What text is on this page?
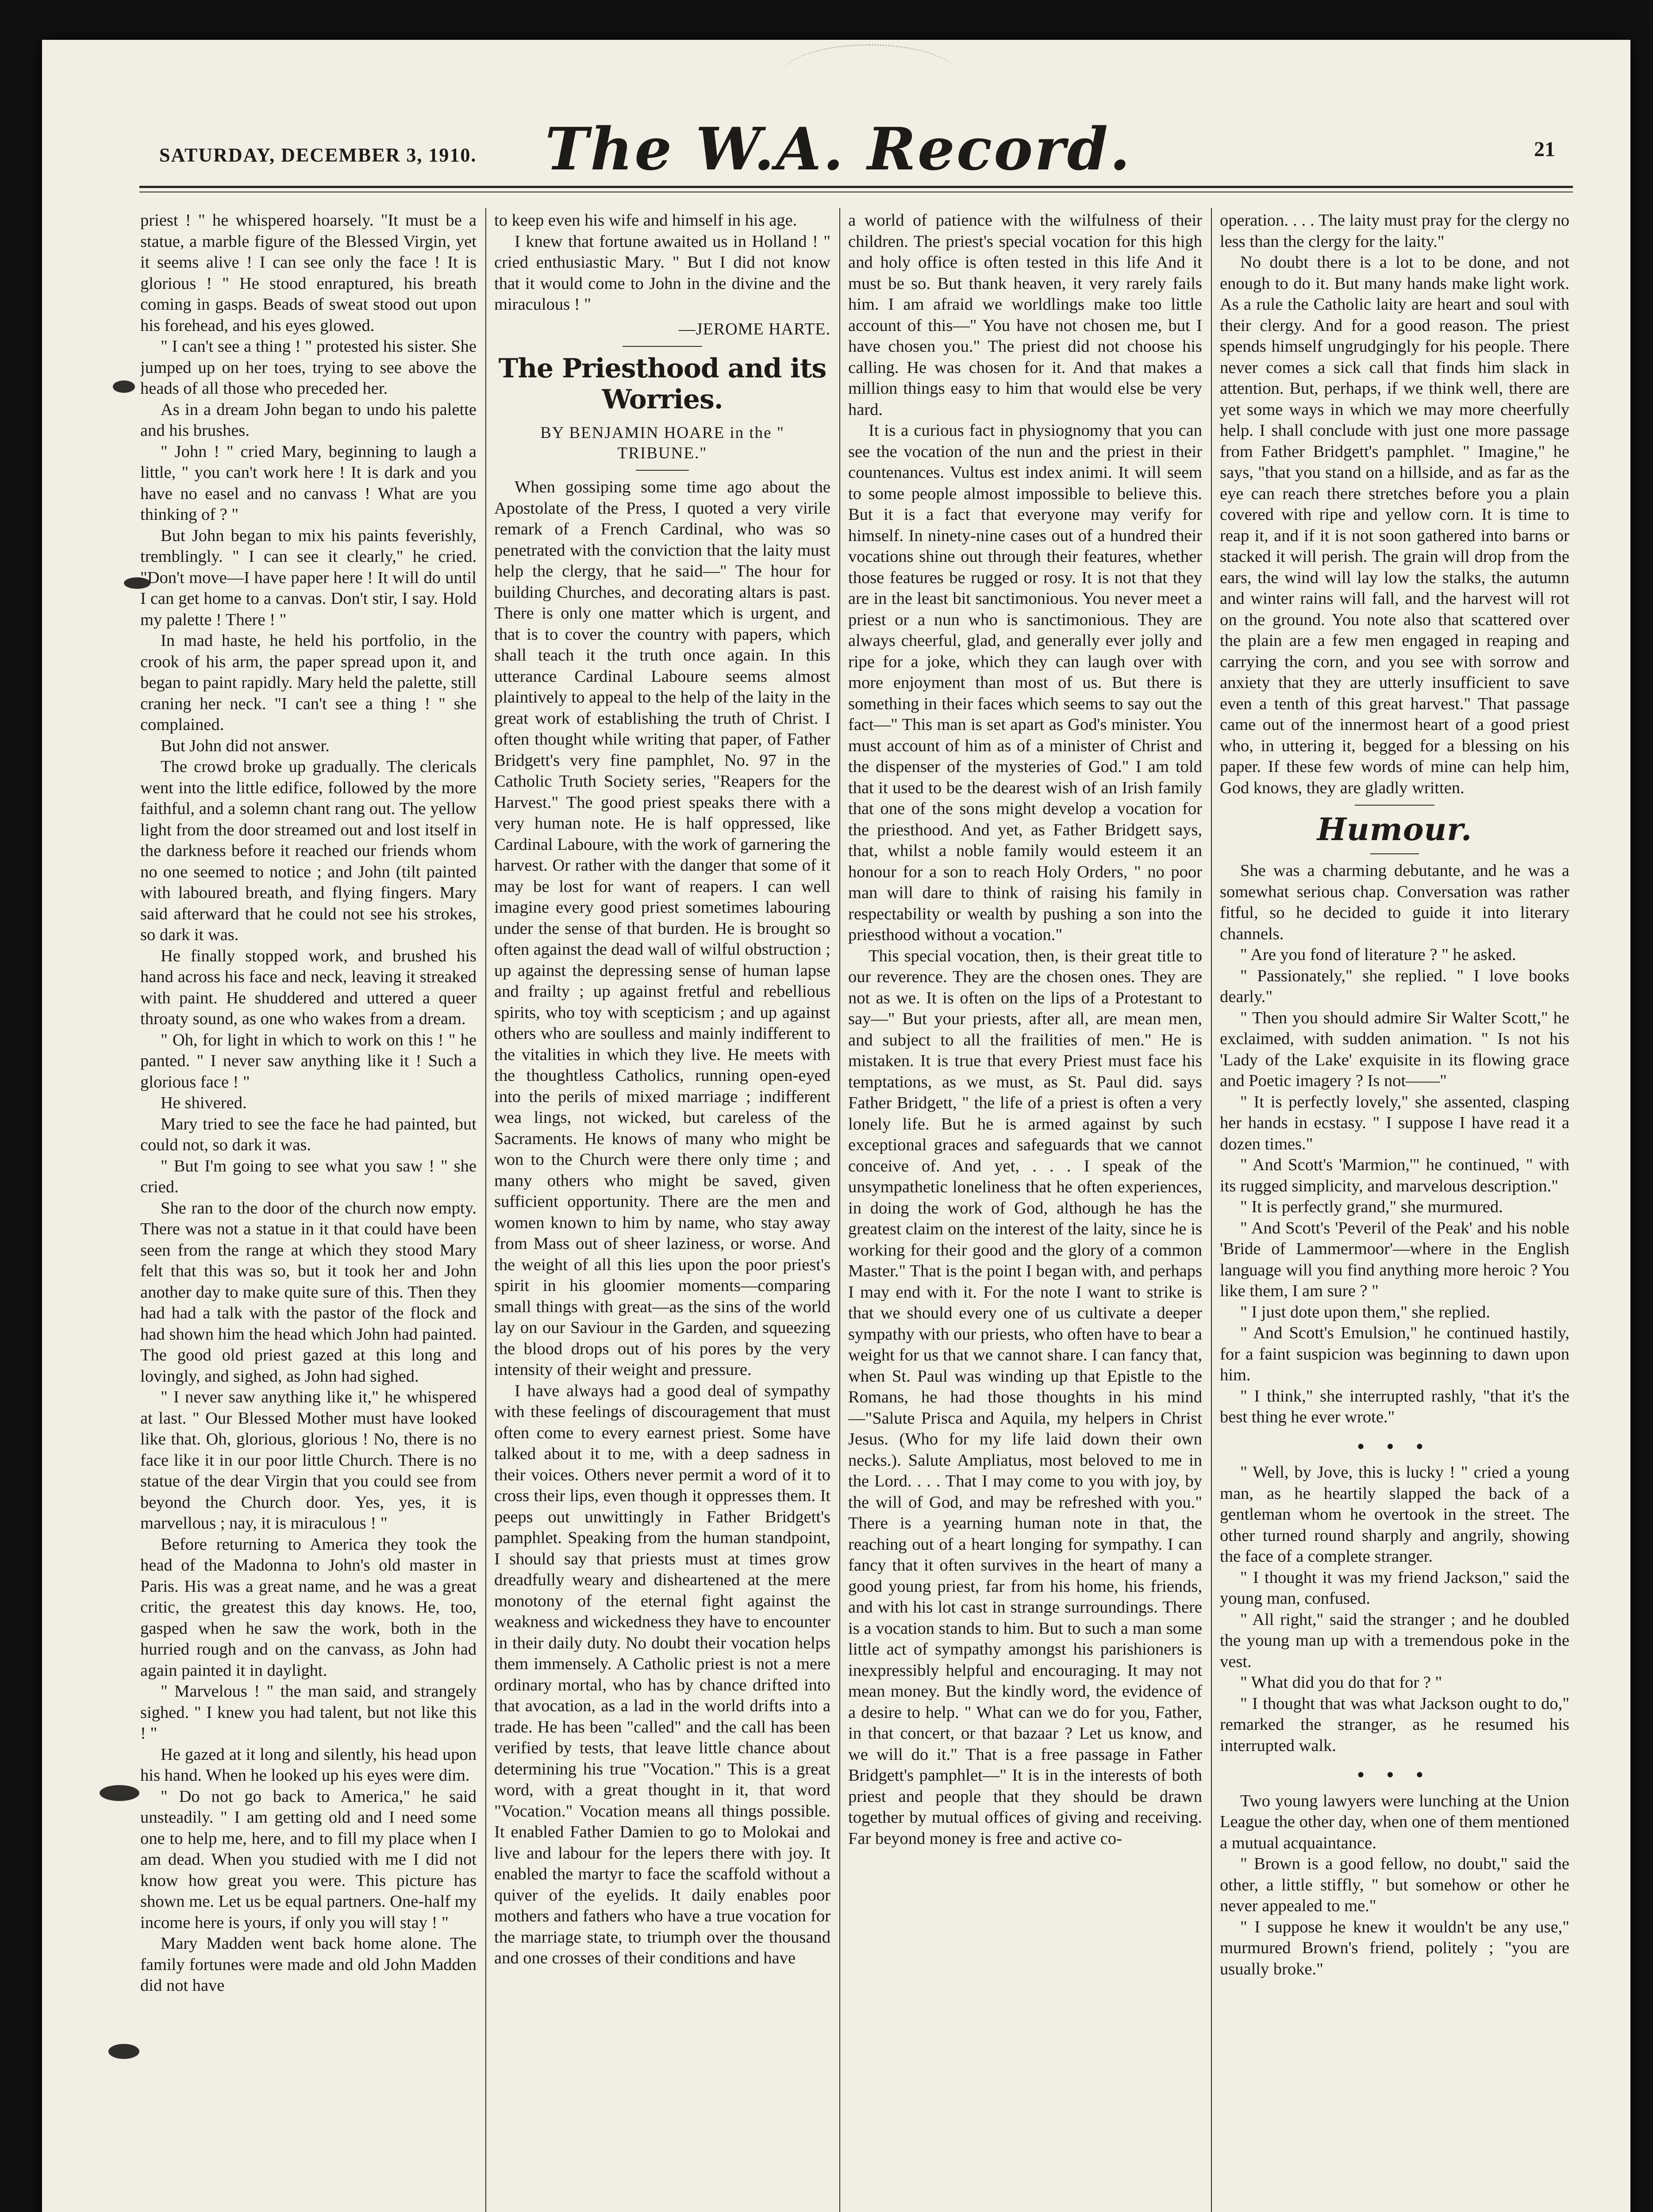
SATURDAY, DECEMBER 3, 1910.	The W.A. Record.	21

priest ! " he whispered hoarsely. "It must be a statue, a marble figure of the Blessed Virgin, yet it seems alive ! I can see only the face ! It is glorious ! " He stood enraptured, his breath coming in gasps. Beads of sweat stood out upon his forehead, and his eyes glowed.

" I can't see a thing ! " protested his sister. She jumped up on her toes, trying to see above the heads of all those who preceded her.

As in a dream John began to undo his palette and his brushes.

" John ! " cried Mary, beginning to laugh a little, " you can't work here ! It is dark and you have no easel and no canvass ! What are you thinking of ? "

But John began to mix his paints feverishly, tremblingly. " I can see it clearly," he cried. "Don't move—I have paper here ! It will do until I can get home to a canvas. Don't stir, I say. Hold my palette ! There ! "

In mad haste, he held his portfolio, in the crook of his arm, the paper spread upon it, and began to paint rapidly. Mary held the palette, still craning her neck. "I can't see a thing ! " she complained.

But John did not answer.

The crowd broke up gradually. The clericals went into the little edifice, followed by the more faithful, and a solemn chant rang out. The yellow light from the door streamed out and lost itself in the darkness before it reached our friends whom no one seemed to notice ; and John (tilt painted with laboured breath, and flying fingers. Mary said afterward that he could not see his strokes, so dark it was.

He finally stopped work, and brushed his hand across his face and neck, leaving it streaked with paint. He shuddered and uttered a queer throaty sound, as one who wakes from a dream.

" Oh, for light in which to work on this ! " he panted. " I never saw anything like it ! Such a glorious face ! "

He shivered.

Mary tried to see the face he had painted, but could not, so dark it was.

" But I'm going to see what you saw ! " she cried.

She ran to the door of the church now empty. There was not a statue in it that could have been seen from the range at which they stood Mary felt that this was so, but it took her and John another day to make quite sure of this. Then they had had a talk with the pastor of the flock and had shown him the head which John had painted. The good old priest gazed at this long and lovingly, and sighed, as John had sighed.

" I never saw anything like it," he whispered at last. " Our Blessed Mother must have looked like that. Oh, glorious, glorious ! No, there is no face like it in our poor little Church. There is no statue of the dear Virgin that you could see from beyond the Church door. Yes, yes, it is marvellous ; nay, it is miraculous ! "

Before returning to America they took the head of the Madonna to John's old master in Paris. His was a great name, and he was a great critic, the greatest this day knows. He, too, gasped when he saw the work, both in the hurried rough and on the canvass, as John had again painted it in daylight.

" Marvelous ! " the man said, and strangely sighed. " I knew you had talent, but not like this ! "

He gazed at it long and silently, his head upon his hand. When he looked up his eyes were dim.

" Do not go back to America," he said unsteadily. " I am getting old and I need some one to help me, here, and to fill my place when I am dead. When you studied with me I did not know how great you were. This picture has shown me. Let us be equal partners. One-half my income here is yours, if only you will stay ! "

Mary Madden went back home alone. The family fortunes were made and old John Madden did not have

to keep even his wife and himself in his age.

I knew that fortune awaited us in Holland ! " cried enthusiastic Mary. " But I did not know that it would come to John in the divine and the miraculous ! "

—JEROME HARTE.
The Priesthood and its Worries.
BY BENJAMIN HOARE in the " TRIBUNE."

When gossiping some time ago about the Apostolate of the Press, I quoted a very virile remark of a French Cardinal, who was so penetrated with the conviction that the laity must help the clergy, that he said—" The hour for building Churches, and decorating altars is past. There is only one matter which is urgent, and that is to cover the country with papers, which shall teach it the truth once again. In this utterance Cardinal Laboure seems almost plaintively to appeal to the help of the laity in the great work of establishing the truth of Christ. I often thought while writing that paper, of Father Bridgett's very fine pamphlet, No. 97 in the Catholic Truth Society series, "Reapers for the Harvest." The good priest speaks there with a very human note. He is half oppressed, like Cardinal Laboure, with the work of garnering the harvest. Or rather with the danger that some of it may be lost for want of reapers. I can well imagine every good priest sometimes labouring under the sense of that burden. He is brought so often against the dead wall of wilful obstruction ; up against the depressing sense of human lapse and frailty ; up against fretful and rebellious spirits, who toy with scepticism ; and up against others who are soulless and mainly indifferent to the vitalities in which they live. He meets with the thoughtless Catholics, running open-eyed into the perils of mixed marriage ; indifferent wea lings, not wicked, but careless of the Sacraments. He knows of many who might be won to the Church were there only time ; and many others who might be saved, given sufficient opportunity. There are the men and women known to him by name, who stay away from Mass out of sheer laziness, or worse. And the weight of all this lies upon the poor priest's spirit in his gloomier moments—comparing small things with great—as the sins of the world lay on our Saviour in the Garden, and squeezing the blood drops out of his pores by the very intensity of their weight and pressure.

I have always had a good deal of sympathy with these feelings of discouragement that must often come to every earnest priest. Some have talked about it to me, with a deep sadness in their voices. Others never permit a word of it to cross their lips, even though it oppresses them. It peeps out unwittingly in Father Bridgett's pamphlet. Speaking from the human standpoint, I should say that priests must at times grow dreadfully weary and disheartened at the mere monotony of the eternal fight against the weakness and wickedness they have to encounter in their daily duty. No doubt their vocation helps them immensely. A Catholic priest is not a mere ordinary mortal, who has by chance drifted into that avocation, as a lad in the world drifts into a trade. He has been "called" and the call has been verified by tests, that leave little chance about determining his true "Vocation." This is a great word, with a great thought in it, that word "Vocation." Vocation means all things possible. It enabled Father Damien to go to Molokai and live and labour for the lepers there with joy. It enabled the martyr to face the scaffold without a quiver of the eyelids. It daily enables poor mothers and fathers who have a true vocation for the marriage state, to triumph over the thousand and one crosses of their conditions and have

a world of patience with the wilfulness of their children. The priest's special vocation for this high and holy office is often tested in this life And it must be so. But thank heaven, it very rarely fails him. I am afraid we worldlings make too little account of this—" You have not chosen me, but I have chosen you." The priest did not choose his calling. He was chosen for it. And that makes a million things easy to him that would else be very hard.

It is a curious fact in physiognomy that you can see the vocation of the nun and the priest in their countenances. Vultus est index animi. It will seem to some people almost impossible to believe this. But it is a fact that everyone may verify for himself. In ninety-nine cases out of a hundred their vocations shine out through their features, whether those features be rugged or rosy. It is not that they are in the least bit sanctimonious. You never meet a priest or a nun who is sanctimonious. They are always cheerful, glad, and generally ever jolly and ripe for a joke, which they can laugh over with more enjoyment than most of us. But there is something in their faces which seems to say out the fact—" This man is set apart as God's minister. You must account of him as of a minister of Christ and the dispenser of the mysteries of God." I am told that it used to be the dearest wish of an Irish family that one of the sons might develop a vocation for the priesthood. And yet, as Father Bridgett says, that, whilst a noble family would esteem it an honour for a son to reach Holy Orders, " no poor man will dare to think of raising his family in respectability or wealth by pushing a son into the priesthood without a vocation."

This special vocation, then, is their great title to our reverence. They are the chosen ones. They are not as we. It is often on the lips of a Protestant to say—" But your priests, after all, are mean men, and subject to all the frailities of men." He is mistaken. It is true that every Priest must face his temptations, as we must, as St. Paul did. says Father Bridgett, " the life of a priest is often a very lonely life. But he is armed against by such exceptional graces and safeguards that we cannot conceive of. And yet, . . . I speak of the unsympathetic loneliness that he often experiences, in doing the work of God, although he has the greatest claim on the interest of the laity, since he is working for their good and the glory of a common Master." That is the point I began with, and perhaps I may end with it. For the note I want to strike is that we should every one of us cultivate a deeper sympathy with our priests, who often have to bear a weight for us that we cannot share. I can fancy that, when St. Paul was winding up that Epistle to the Romans, he had those thoughts in his mind—"Salute Prisca and Aquila, my helpers in Christ Jesus. (Who for my life laid down their own necks.). Salute Ampliatus, most beloved to me in the Lord. . . . That I may come to you with joy, by the will of God, and may be refreshed with you." There is a yearning human note in that, the reaching out of a heart longing for sympathy. I can fancy that it often survives in the heart of many a good young priest, far from his home, his friends, and with his lot cast in strange surroundings. There is a vocation stands to him. But to such a man some little act of sympathy amongst his parishioners is inexpressibly helpful and encouraging. It may not mean money. But the kindly word, the evidence of a desire to help. " What can we do for you, Father, in that concert, or that bazaar ? Let us know, and we will do it." That is a free passage in Father Bridgett's pamphlet—" It is in the interests of both priest and people that they should be drawn together by mutual offices of giving and receiving. Far beyond money is free and active co-

operation. . . . The laity must pray for the clergy no less than the clergy for the laity."

No doubt there is a lot to be done, and not enough to do it. But many hands make light work. As a rule the Catholic laity are heart and soul with their clergy. And for a good reason. The priest spends himself ungrudgingly for his people. There never comes a sick call that finds him slack in attention. But, perhaps, if we think well, there are yet some ways in which we may more cheerfully help. I shall conclude with just one more passage from Father Bridgett's pamphlet. " Imagine," he says, "that you stand on a hillside, and as far as the eye can reach there stretches before you a plain covered with ripe and yellow corn. It is time to reap it, and if it is not soon gathered into barns or stacked it will perish. The grain will drop from the ears, the wind will lay low the stalks, the autumn and winter rains will fall, and the harvest will rot on the ground. You note also that scattered over the plain are a few men engaged in reaping and carrying the corn, and you see with sorrow and anxiety that they are utterly insufficient to save even a tenth of this great harvest." That passage came out of the innermost heart of a good priest who, in uttering it, begged for a blessing on his paper. If these few words of mine can help him, God knows, they are gladly written.

Humour.

She was a charming debutante, and he was a somewhat serious chap. Conversation was rather fitful, so he decided to guide it into literary channels.

" Are you fond of literature ? " he asked.

" Passionately," she replied. " I love books dearly."

" Then you should admire Sir Walter Scott," he exclaimed, with sudden animation. " Is not his 'Lady of the Lake' exquisite in its flowing grace and Poetic imagery ? Is not——"

" It is perfectly lovely," she assented, clasping her hands in ecstasy. " I suppose I have read it a dozen times."

" And Scott's 'Marmion,'" he continued, " with its rugged simplicity, and marvelous description."

" It is perfectly grand," she murmured.

" And Scott's 'Peveril of the Peak' and his noble 'Bride of Lammermoor'—where in the English language will you find anything more heroic ? You like them, I am sure ? "

" I just dote upon them," she replied.

" And Scott's Emulsion," he continued hastily, for a faint suspicion was beginning to dawn upon him.

" I think," she interrupted rashly, "that it's the best thing he ever wrote."

• • •

" Well, by Jove, this is lucky ! " cried a young man, as he heartily slapped the back of a gentleman whom he overtook in the street. The other turned round sharply and angrily, showing the face of a complete stranger.

" I thought it was my friend Jackson," said the young man, confused.

" All right," said the stranger ; and he doubled the young man up with a tremendous poke in the vest.

" What did you do that for ? "

" I thought that was what Jackson ought to do," remarked the stranger, as he resumed his interrupted walk.

• • •

Two young lawyers were lunching at the Union League the other day, when one of them mentioned a mutual acquaintance.

" Brown is a good fellow, no doubt," said the other, a little stiffly, " but somehow or other he never appealed to me."

" I suppose he knew it wouldn't be any use," murmured Brown's friend, politely ; "you are usually broke."
